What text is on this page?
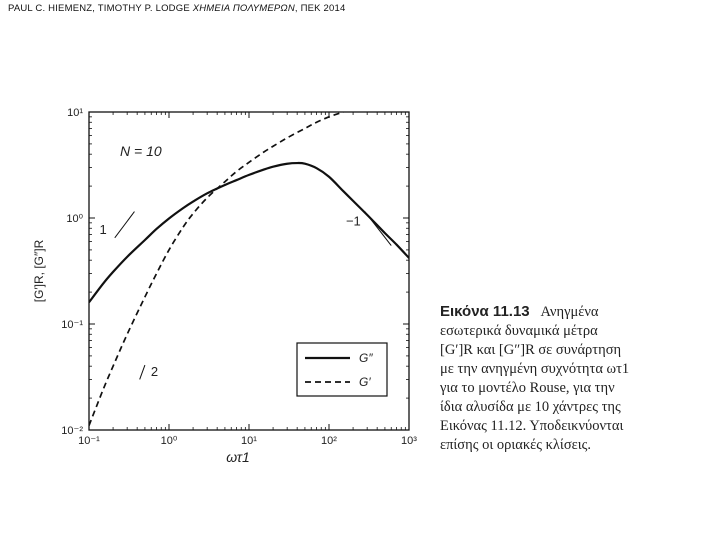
PAUL C. HIEMENZ, TIMOTHY P. LODGE ΧΗΜΕΙΑ ΠΟΛΥΜΕΡΩΝ, ΠΕΚ 2014
10⁻¹	10⁰	10¹	10²	10³
10⁻²
10⁻¹
10⁰
10¹
1
2
−1
N = 10
[G′]R, [G″]R
ωτ1
G″
G′
Εικόνα 11.13 Ανηγμένα
εσωτερικά δυναμικά μέτρα
[G′]R και [G″]R σε συνάρτηση
με την ανηγμένη συχνότητα ωτ1
για το μοντέλο Rouse, για την
ίδια αλυσίδα με 10 χάντρες της
Εικόνας 11.12. Υποδεικνύονται
επίσης οι οριακές κλίσεις.
